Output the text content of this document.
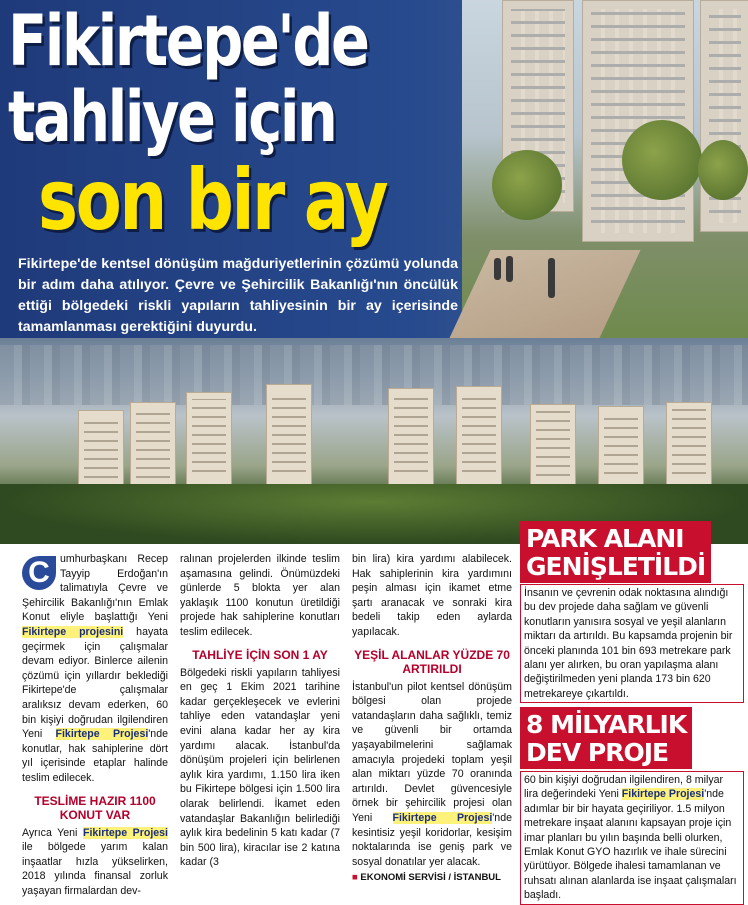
Fikirtepe'de
tahliye için
son bir ay

Fikirtepe'de kentsel dönüşüm mağduriyetlerinin çözümü yolunda bir adım daha atılıyor. Çevre ve Şehircilik Bakanlığı'nın öncülük ettiği bölgedeki riskli yapıların tahliyesinin bir ay içerisinde tamamlanması gerektiğini duyurdu.

C umhurbaşkanı Recep Tayyip Erdoğan'ın talimatıyla Çevre ve Şehircilik Bakanlığı'nın Emlak Konut eliyle başlattığı Yeni Fikirtepe projesini hayata geçirmek için çalışmalar devam ediyor. Binlerce ailenin çözümü için yıllardır beklediği Fikirtepe'de çalışmalar aralıksız devam ederken, 60 bin kişiyi doğrudan ilgilendiren Yeni Fikirtepe Projesi'nde konutlar, hak sahiplerine dört yıl içerisinde etaplar halinde teslim edilecek.

TESLİME HAZIR 1100 KONUT VAR

Ayrıca Yeni Fikirtepe Projesi ile bölgede yarım kalan inşaatlar hızla yükselirken, 2018 yılında finansal zorluk yaşayan firmalardan dev-

ralınan projelerden ilkinde teslim aşamasına gelindi. Önümüzdeki günlerde 5 blokta yer alan yaklaşık 1100 konutun üretildiği projede hak sahiplerine konutları teslim edilecek.

TAHLİYE İÇİN SON 1 AY

Bölgedeki riskli yapıların tahliyesi en geç 1 Ekim 2021 tarihine kadar gerçekleşecek ve evlerini tahliye eden vatandaşlar yeni evini alana kadar her ay kira yardımı alacak. İstanbul'da dönüşüm projeleri için belirlenen aylık kira yardımı, 1.150 lira iken bu Fikirtepe bölgesi için 1.500 lira olarak belirlendi. İkamet eden vatandaşlar Bakanlığın belirlediği aylık kira bedelinin 5 katı kadar (7 bin 500 lira), kiracılar ise 2 katına kadar (3

bin lira) kira yardımı alabilecek. Hak sahiplerinin kira yardımını peşin alması için ikamet etme şartı aranacak ve sonraki kira bedeli takip eden aylarda yapılacak.

YEŞİL ALANLAR YÜZDE 70 ARTIRILDI

İstanbul'un pilot kentsel dönüşüm bölgesi olan projede vatandaşların daha sağlıklı, temiz ve güvenli bir ortamda yaşayabilmelerini sağlamak amacıyla projedeki toplam yeşil alan miktarı yüzde 70 oranında artırıldı. Devlet güvencesiyle örnek bir şehircilik projesi olan Yeni Fikirtepe Projesi'nde kesintisiz yeşil koridorlar, kesişim noktalarında ise geniş park ve sosyal donatılar yer alacak.

■ EKONOMİ SERVİSİ / İSTANBUL
PARK ALANI
GENİŞLETİLDİ

İnsanın ve çevrenin odak noktasına alındığı bu dev projede daha sağlam ve güvenli konutların yanısıra sosyal ve yeşil alanların miktarı da artırıldı. Bu kapsamda projenin bir önceki planında 101 bin 693 metrekare park alanı yer alırken, bu oran yapılaşma alanı değiştirilmeden yeni planda 173 bin 620 metrekareye çıkartıldı.

8 MİLYARLIK
DEV PROJE

60 bin kişiyi doğrudan ilgilendiren, 8 milyar lira değerindeki Yeni Fikirtepe Projesi'nde adımlar bir bir hayata geçiriliyor. 1.5 milyon metrekare inşaat alanını kapsayan proje için imar planları bu yılın başında belli olurken, Emlak Konut GYO hazırlık ve ihale sürecini yürütüyor. Bölgede ihalesi tamamlanan ve ruhsatı alınan alanlarda ise inşaat çalışmaları başladı.
